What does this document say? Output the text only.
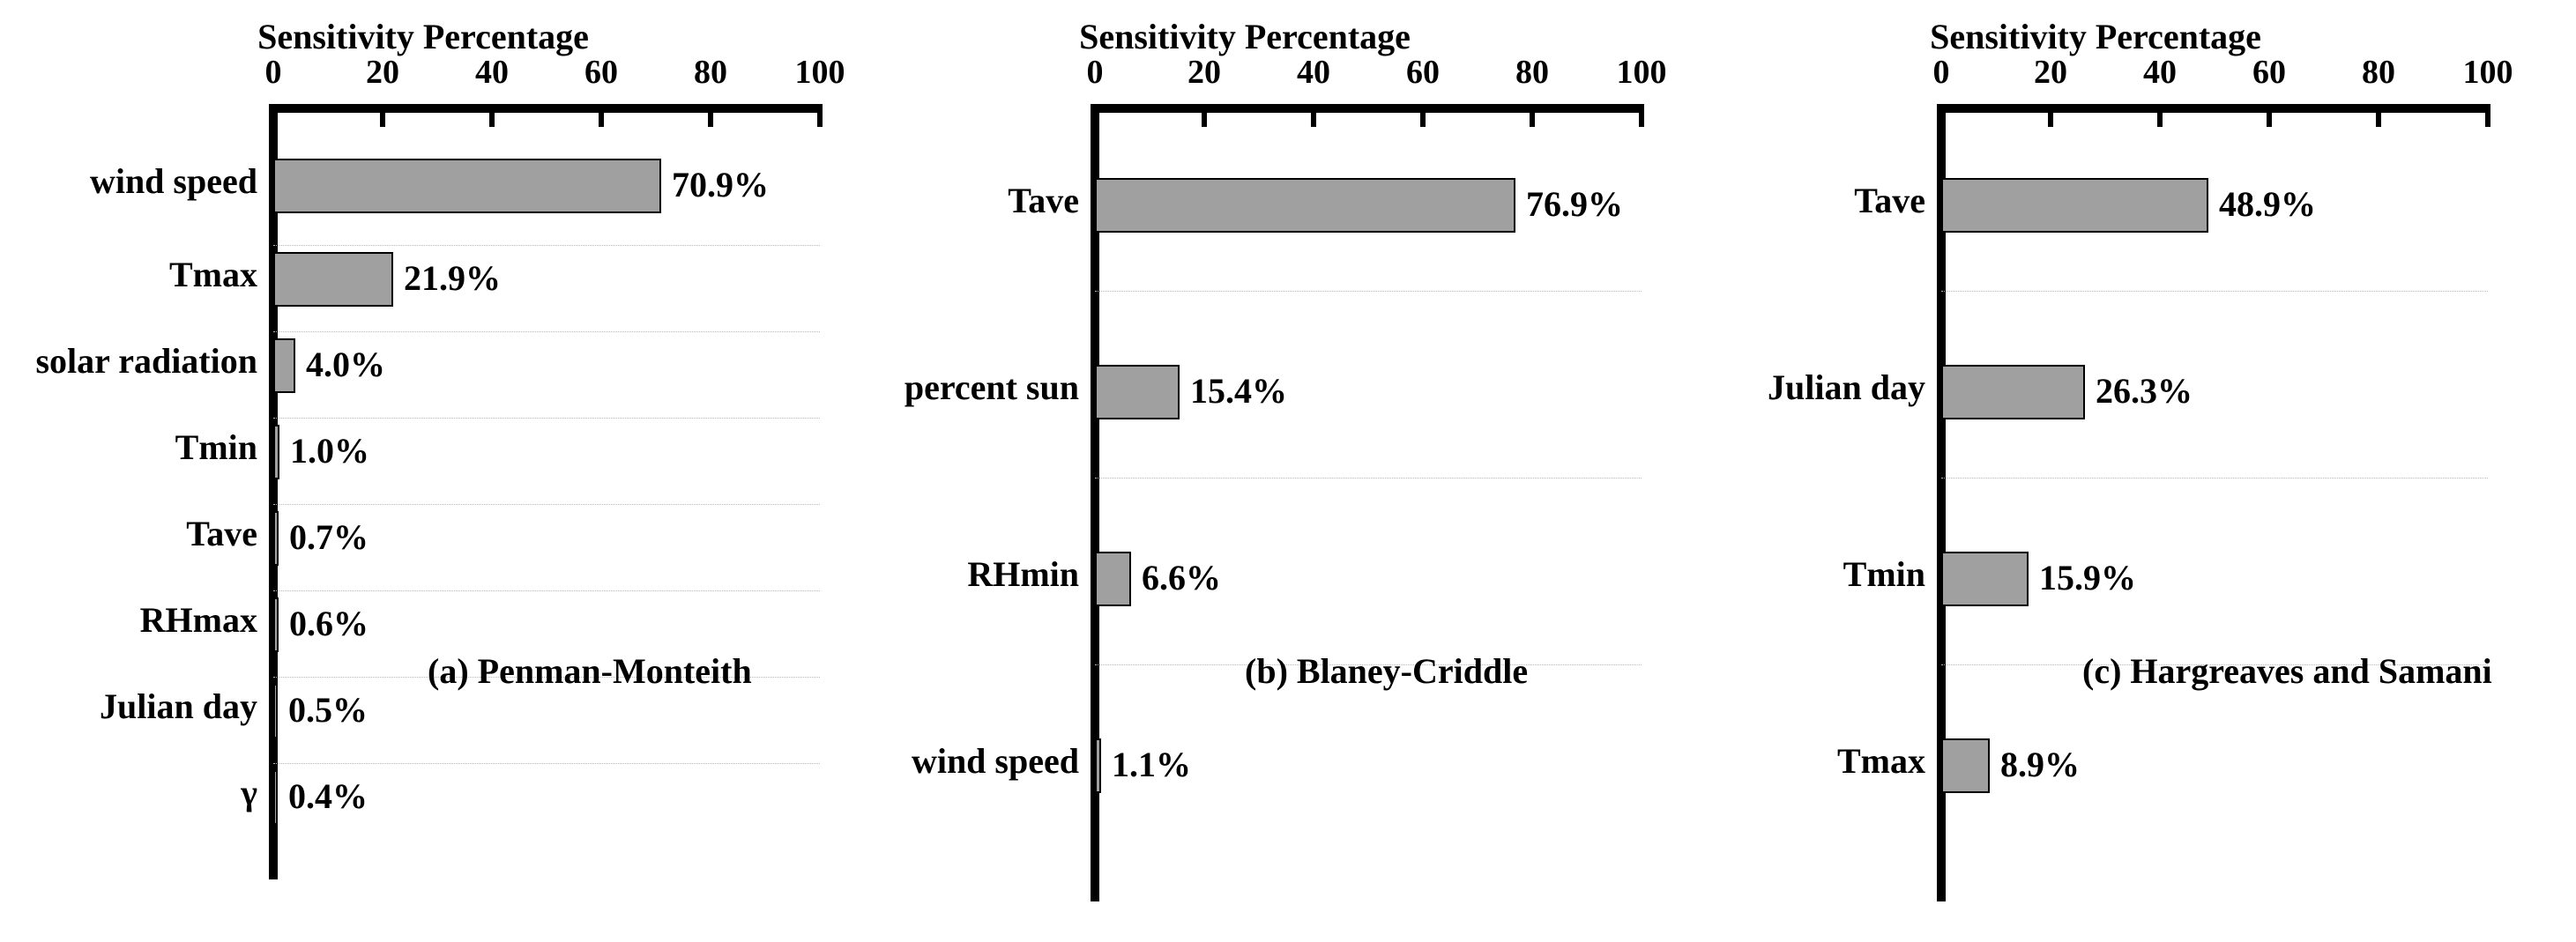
Sensitivity Percentage
0	20 40 60 80 100
wind speed	70.9%
Tmax	21.9%
solar radiation 4.0%
Tmin 1.0%
Tave 0.7%
RHmax 0.6%
Julian day 0.5%
γ 0.4%
(a) Penman-Monteith
Sensitivity Percentage
0	20 40 60 80 100
Tave	76.9%
percent sun	15.4%
RHmin 6.6%
wind speed 1.1%
(b) Blaney-Criddle
Sensitivity Percentage
0	20 40 60 80 100
Tave	48.9%
Julian day	26.3%
Tmin	15.9%
Tmax 8.9%
(c) Hargreaves and Samani
